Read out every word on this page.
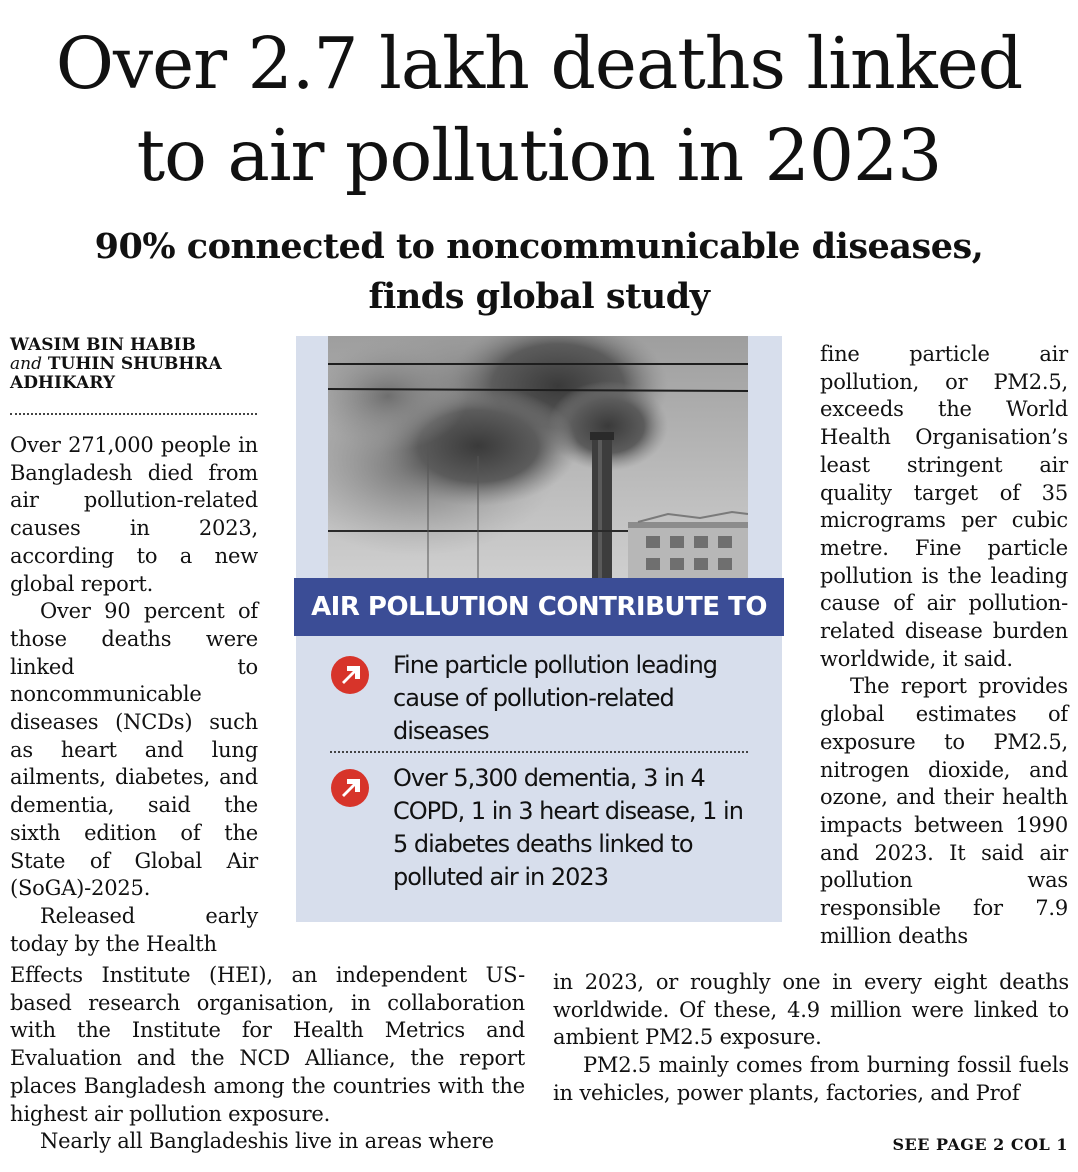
Over 2.7 lakh deaths linked
to air pollution in 2023
90% connected to noncommunicable diseases,
finds global study
WASIM BIN HABIB
and TUHIN SHUBHRA ADHIKARY

Over 271,000 people in Bangladesh died from air pollution-related causes in 2023, according to a new global report.

Over 90 percent of those deaths were linked to noncommunicable diseases (NCDs) such as heart and lung ailments, diabetes, and dementia, said the sixth edition of the State of Global Air (SoGA)-2025.

Released early today by the Health

Effects Institute (HEI), an independent US-based research organisation, in collaboration with the Institute for Health Metrics and Evaluation and the NCD Alliance, the report places Bangladesh among the countries with the highest air pollution exposure.

Nearly all Bangladeshis live in areas where

AIR POLLUTION CONTRIBUTE TO
Fine particle pollution leading cause of pollution-related diseases
Over 5,300 dementia, 3 in 4 COPD, 1 in 3 heart disease, 1 in 5 diabetes deaths linked to polluted air in 2023

fine particle air pollution, or PM2.5, exceeds the World Health Organisation’s least stringent air quality target of 35 micrograms per cubic metre. Fine particle pollution is the leading cause of air pollution-related disease burden worldwide, it said.

The report provides global estimates of exposure to PM2.5, nitrogen dioxide, and ozone, and their health impacts between 1990 and 2023. It said air pollution was responsible for 7.9 million deaths

in 2023, or roughly one in every eight deaths worldwide. Of these, 4.9 million were linked to ambient PM2.5 exposure.

PM2.5 mainly comes from burning fossil fuels in vehicles, power plants, factories, and Prof

SEE PAGE 2 COL 1
